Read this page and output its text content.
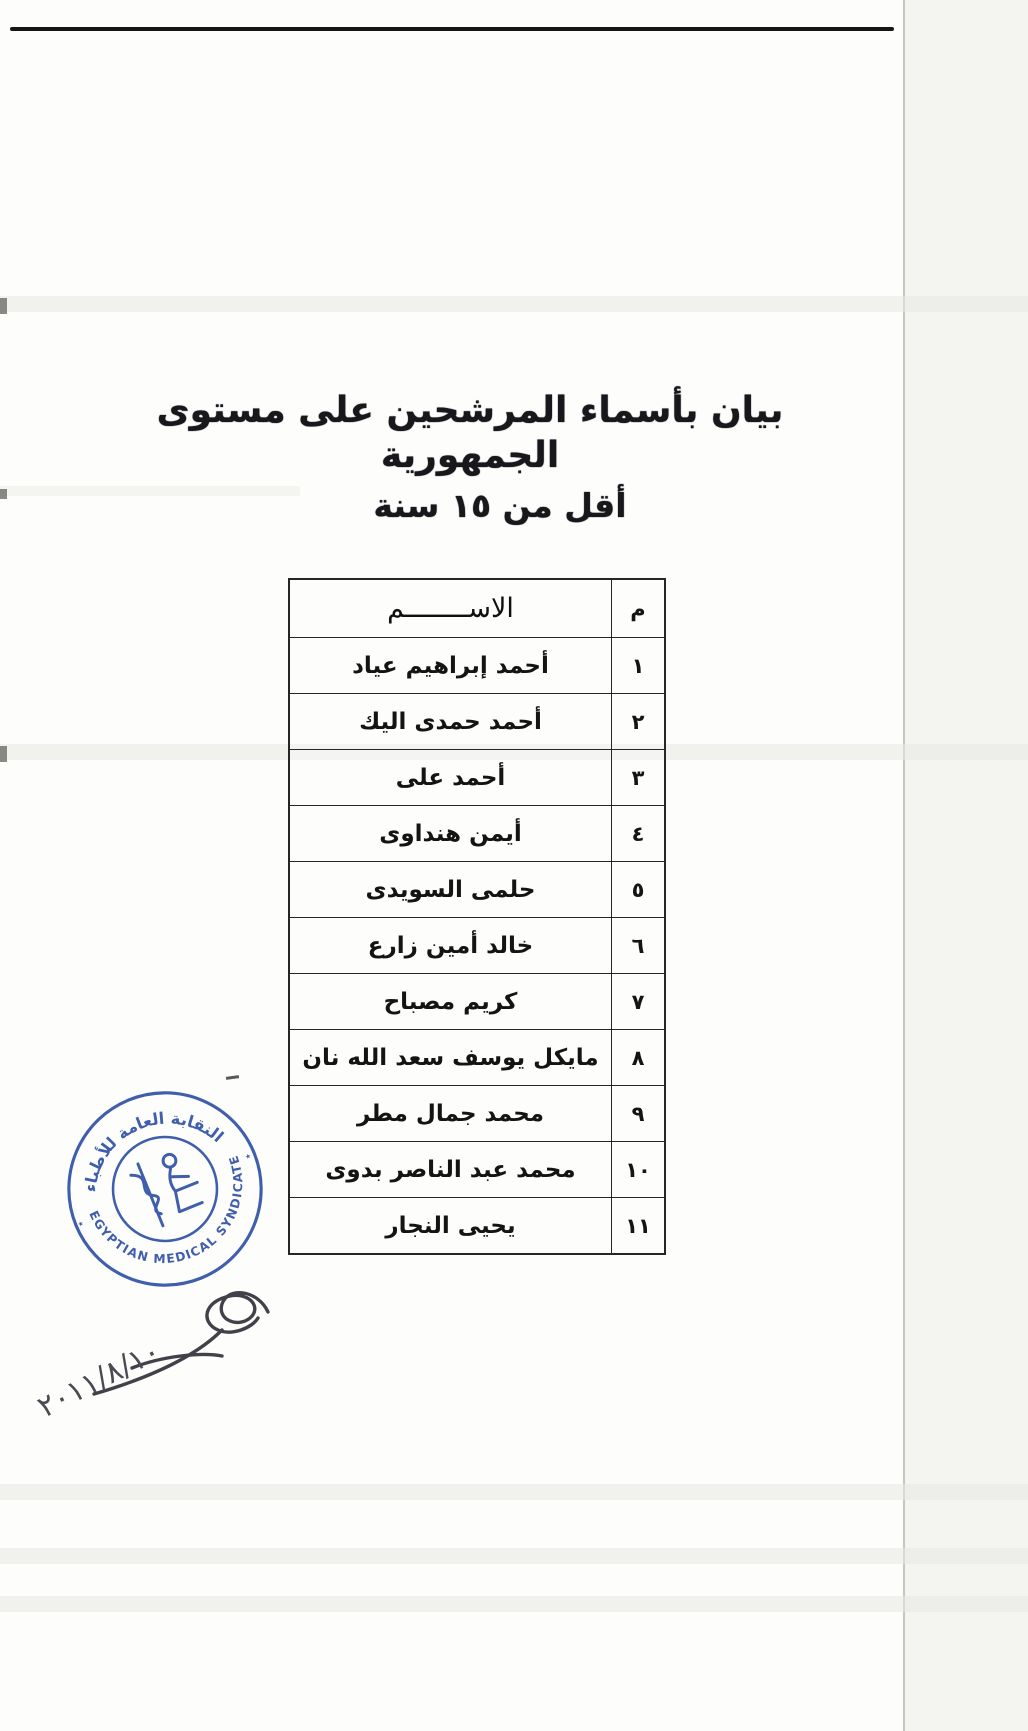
بيان بأسماء المرشحين على مستوى الجمهورية
أقل من ١٥ سنة
الاســــــــم	م
أحمد إبراهيم عياد	١
أحمد حمدى اليك	٢
أحمد على	٣
أيمن هنداوى	٤
حلمى السويدى	٥
خالد أمين زارع	٦
كريم مصباح	٧
مايكل يوسف سعد الله نان	٨
محمد جمال مطر	٩
محمد عبد الناصر بدوى	١٠
يحيى النجار	١١
النقابة العامة للأطباء
EGYPTIAN MEDICAL SYNDICATE
٭
٭
٢٠١١/٨/١٠
